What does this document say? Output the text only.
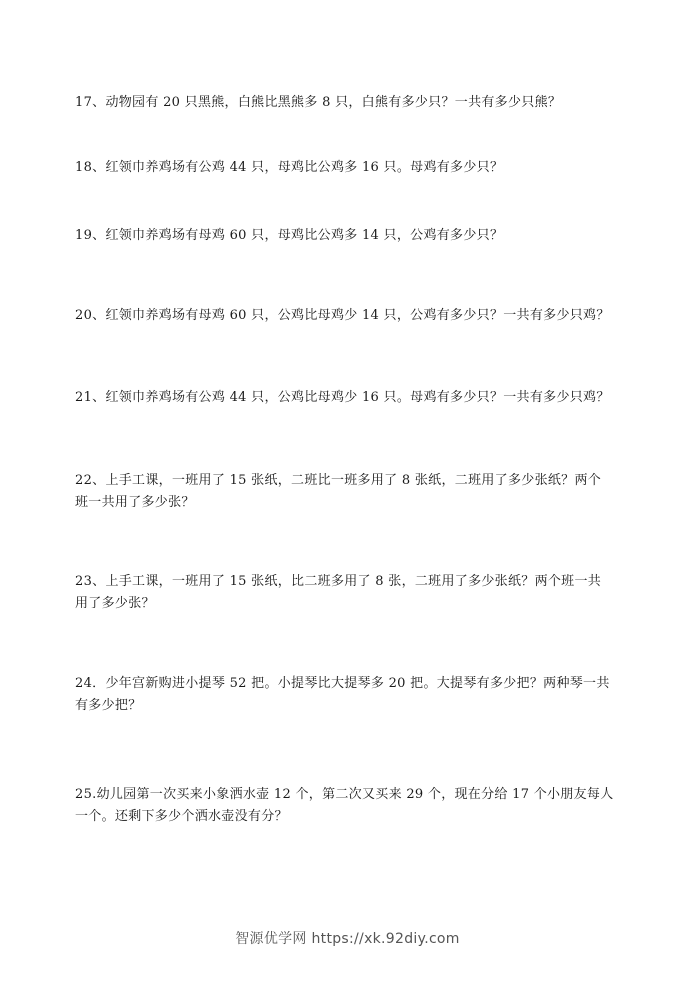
17、动物园有 20 只黑熊，白熊比黑熊多 8 只，白熊有多少只？一共有多少只熊？
18、红领巾养鸡场有公鸡 44 只，母鸡比公鸡多 16 只。母鸡有多少只？
19、红领巾养鸡场有母鸡 60 只，母鸡比公鸡多 14 只，公鸡有多少只？
20、红领巾养鸡场有母鸡 60 只，公鸡比母鸡少 14 只，公鸡有多少只？一共有多少只鸡？
21、红领巾养鸡场有公鸡 44 只，公鸡比母鸡少 16 只。母鸡有多少只？一共有多少只鸡？
22、上手工课，一班用了 15 张纸，二班比一班多用了 8 张纸，二班用了多少张纸？两个
班一共用了多少张？
23、上手工课，一班用了 15 张纸，比二班多用了 8 张，二班用了多少张纸？两个班一共
用了多少张？
24．少年宫新购进小提琴 52 把。小提琴比大提琴多 20 把。大提琴有多少把？两种琴一共
有多少把？
25.幼儿园第一次买来小象洒水壶 12 个，第二次又买来 29 个，现在分给 17 个小朋友每人
一个。还剩下多少个洒水壶没有分？
智源优学网 https://xk.92diy.com
